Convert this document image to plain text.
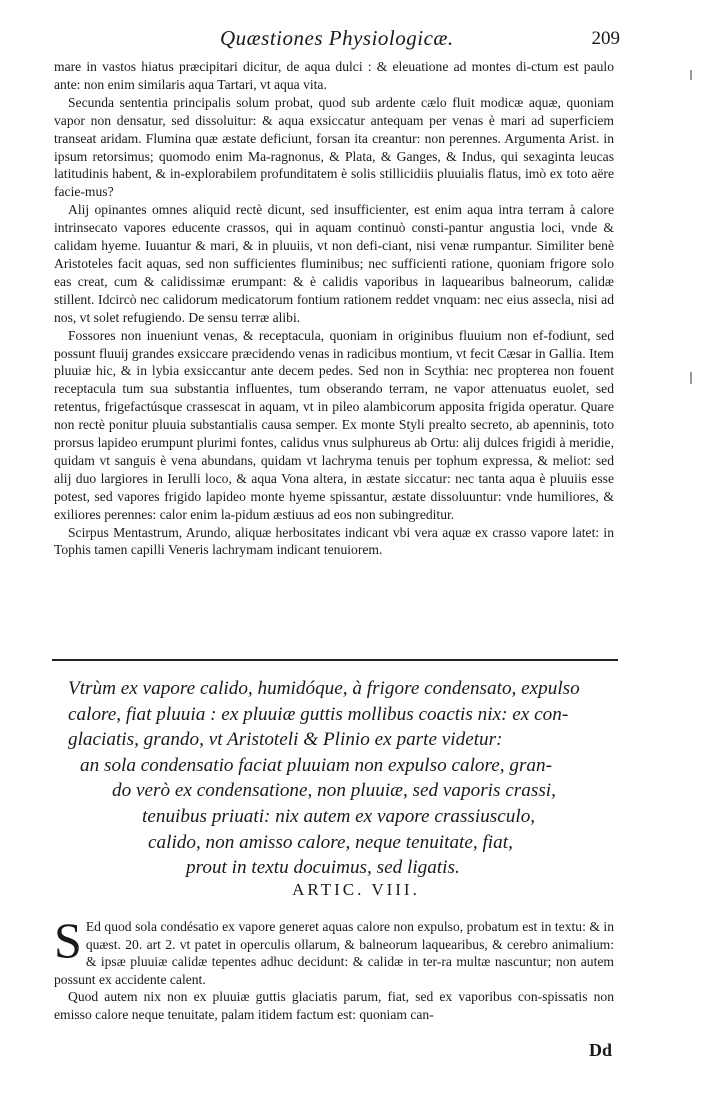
Quæstiones Physiologicæ.	209

mare in vastos hiatus præcipitari dicitur, de aqua dulci : & eleuatione ad montes di-ctum est paulo ante: non enim similaris aqua Tartari, vt aqua vita.

Secunda sententia principalis solum probat, quod sub ardente cælo fluit modicæ aquæ, quoniam vapor non densatur, sed dissoluitur: & aqua exsiccatur antequam per venas è mari ad superficiem transeat aridam. Flumina quæ æstate deficiunt, forsan ita creantur: non perennes. Argumenta Arist. in ipsum retorsimus; quomodo enim Ma-ragnonus, & Plata, & Ganges, & Indus, qui sexaginta leucas latitudinis habent, & in-explorabilem profunditatem è solis stillicidiis pluuialis flatus, imò ex toto aëre facie-mus?

Alij opinantes omnes aliquid rectè dicunt, sed insufficienter, est enim aqua intra terram à calore intrinsecato vapores educente crassos, qui in aquam continuò consti-pantur angustia loci, vnde & calidam hyeme. Iuuantur & mari, & in pluuiis, vt non defi-ciant, nisi venæ rumpantur. Similiter benè Aristoteles facit aquas, sed non sufficientes fluminibus; nec sufficienti ratione, quoniam frigore solo eas creat, cum & calidissimæ erumpant: & è calidis vaporibus in laquearibus balneorum, calidæ stillent. Idcircò nec calidorum medicatorum fontium rationem reddet vnquam: nec eius asseclа, nisi ad nos, vt solet refugiendo. De sensu terræ alibi.

Fossores non inueniunt venas, & receptacula, quoniam in originibus fluuium non ef-fodiunt, sed possunt fluuij grandes exsiccare præcidendo venas in radicibus montium, vt fecit Cæsar in Gallia. Item pluuiæ hic, & in lybia exsiccantur ante decem pedes. Sed non in Scythia: nec propterea non fouent receptacula tum sua substantia influentes, tum obserando terram, ne vapor attenuatus euolet, sed retentus, frigefactúsque crassescat in aquam, vt in pileo alambicorum apposita frigida operatur. Quare non rectè ponitur pluuia substantialis causa semper. Ex monte Styli prealto secreto, ab apenninis, toto prorsus lapideo erumpunt plurimi fontes, calidus vnus sulphureus ab Ortu: alij dulces frigidi à meridie, quidam vt sanguis è vena abundans, quidam vt lachryma tenuis per tophum expressa, & meliot: sed alij duo largiores in Ierulli loco, & aqua Vona altera, in æstate siccatur: nec tanta aqua è pluuiis esse potest, sed vapores frigido lapideo monte hyeme spissantur, æstate dissoluuntur: vnde humiliores, & exiliores perennes: calor enim la-pidum æstiuus ad eos non subingreditur.

Scirpus Mentastrum, Arundo, aliquæ herbositates indicant vbi vera aquæ ex crasso vapore latet: in Tophis tamen capilli Veneris lachrymam indicant tenuiorem.

Vtrùm ex vapore calido, humidóque, à frigore condensato, expulso
calore, fiat pluuia : ex pluuiæ guttis mollibus coactis nix: ex con-
glaciatis, grando, vt Aristoteli & Plinio ex parte videtur:
an sola condensatio faciat pluuiam non expulso calore, gran-
do verò ex condensatione, non pluuiæ, sed vaporis crassi,
tenuibus priuati: nix autem ex vapore crassiusculo,
calido, non amisso calore, neque tenuitate, fiat,
prout in textu docuimus, sed ligatis.
ARTIC. VIII.

S Ed quod sola condésatio ex vapore generet aquas calore non expulso, probatum est in textu: & in quæst. 20. art 2. vt patet in operculis ollarum, & balneorum laquearibus, & cerebro animalium: & ipsæ pluuiæ calidæ tepentes adhuc decidunt: & calidæ in ter-ra multæ nascuntur; non autem possunt ex accidente calent.

Quod autem nix non ex pluuiæ guttis glaciatis parum, fiat, sed ex vaporibus con-spissatis non emisso calore neque tenuitate, palam itidem factum est: quoniam can-

Dd
